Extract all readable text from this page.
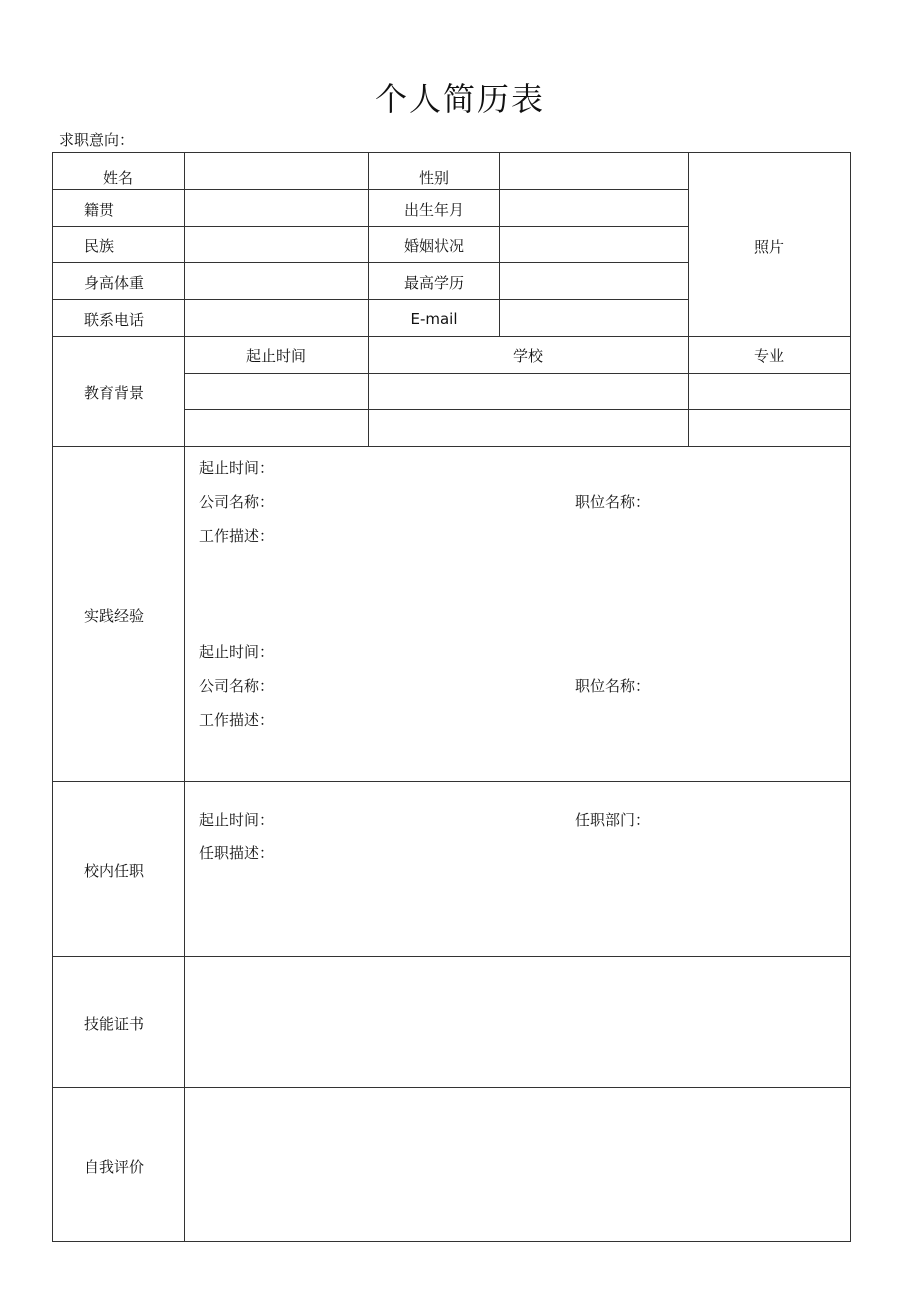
个人简历表
求职意向：
姓名	性别
籍贯	出生年月
民族	婚姻状况
身高体重	最高学历
联系电话	E-mail
照片
教育背景
起止时间	学校	专业
实践经验
起止时间：
公司名称：	职位名称：
工作描述：
起止时间：
公司名称：	职位名称：
工作描述：
校内任职
起止时间：	任职部门：
任职描述：
技能证书
自我评价
